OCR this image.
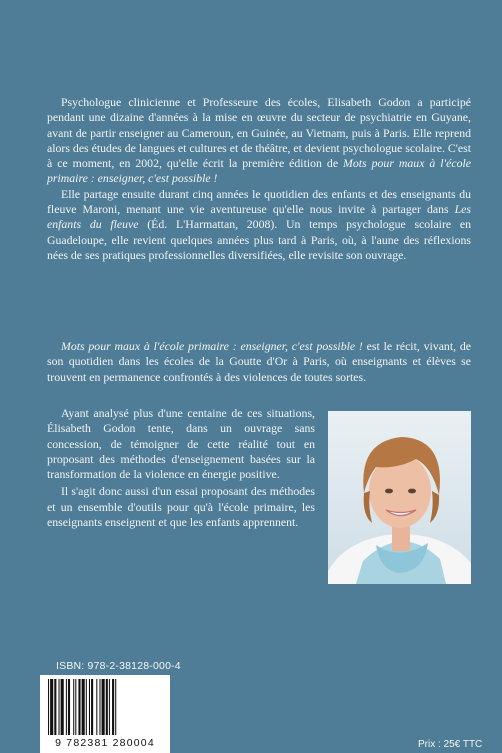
Psychologue clinicienne et Professeure des écoles, Elisabeth Godon a participé pendant une dizaine d'années à la mise en œuvre du secteur de psychiatrie en Guyane, avant de partir enseigner au Cameroun, en Guinée, au Vietnam, puis à Paris. Elle reprend alors des études de langues et cultures et de théâtre, et devient psychologue scolaire. C'est à ce moment, en 2002, qu'elle écrit la première édition de Mots pour maux à l'école primaire : enseigner, c'est possible !

Elle partage ensuite durant cinq années le quotidien des enfants et des enseignants du fleuve Maroni, menant une vie aventureuse qu'elle nous invite à partager dans Les enfants du fleuve (Éd. L'Harmattan, 2008). Un temps psychologue scolaire en Guadeloupe, elle revient quelques années plus tard à Paris, où, à l'aune des réflexions nées de ses pratiques professionnelles diversifiées, elle revisite son ouvrage.

Mots pour maux à l'école primaire : enseigner, c'est possible ! est le récit, vivant, de son quotidien dans les écoles de la Goutte d'Or à Paris, où enseignants et élèves se trouvent en permanence confrontés à des violences de toutes sortes.

Ayant analysé plus d'une centaine de ces situations, Élisabeth Godon tente, dans un ouvrage sans concession, de témoigner de cette réalité tout en proposant des méthodes d'enseignement basées sur la transformation de la violence en énergie positive.

Il s'agit donc aussi d'un essai proposant des méthodes et un ensemble d'outils pour qu'à l'école primaire, les enseignants enseignent et que les enfants apprennent.

ISBN: 978-2-38128-000-4
9 782381 280004	Prix : 25€ TTC
